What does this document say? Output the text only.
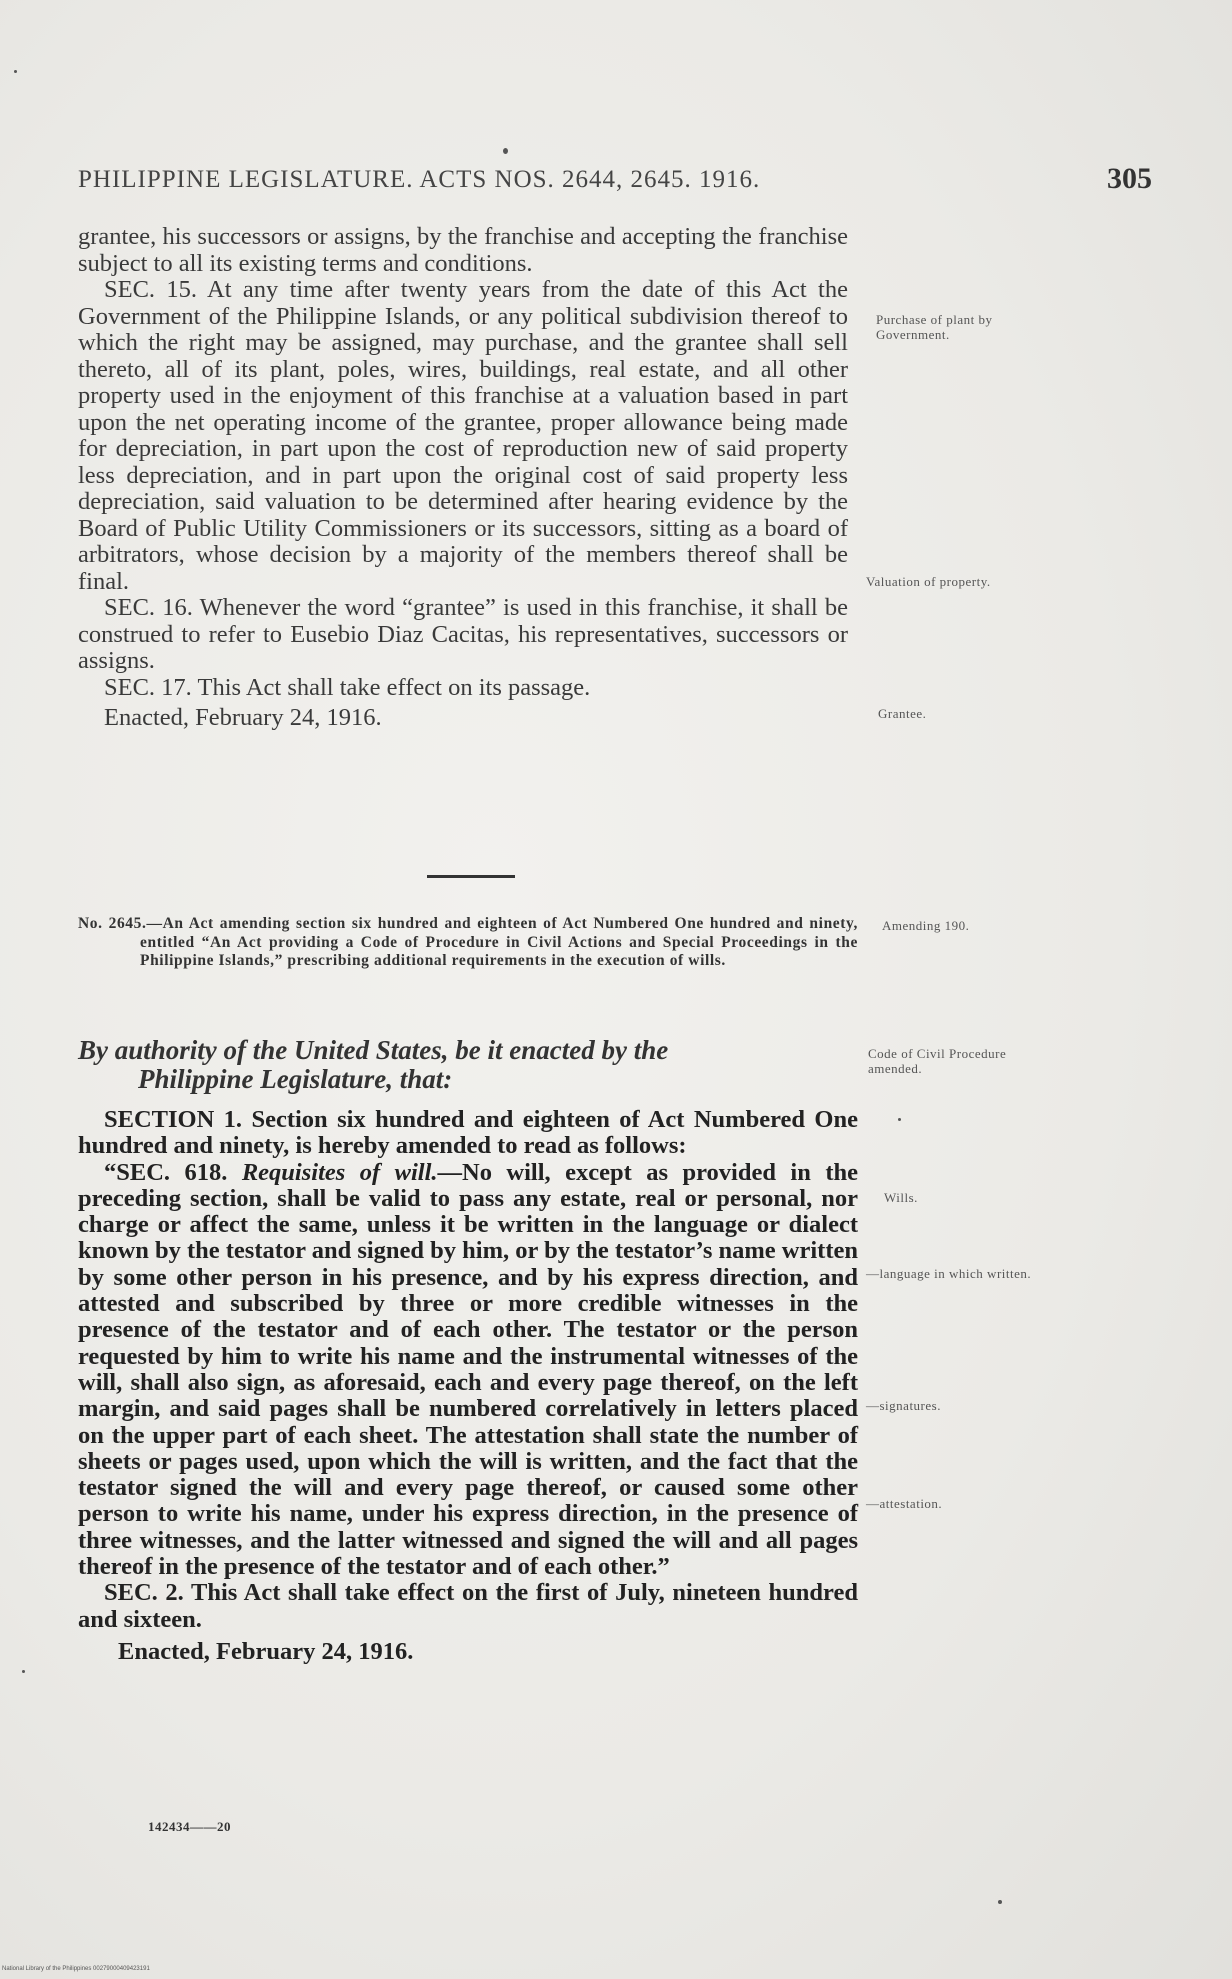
PHILIPPINE LEGISLATURE. ACTS NOS. 2644, 2645. 1916.	305

grantee, his successors or assigns, by the franchise and accepting the franchise subject to all its existing terms and conditions.

SEC. 15. At any time after twenty years from the date of this Act the Government of the Philippine Islands, or any political subdivision thereof to which the right may be assigned, may purchase, and the grantee shall sell thereto, all of its plant, poles, wires, buildings, real estate, and all other property used in the enjoyment of this franchise at a valuation based in part upon the net operating income of the grantee, proper allowance being made for depreciation, in part upon the cost of reproduction new of said property less depreciation, and in part upon the original cost of said property less depreciation, said valuation to be determined after hearing evidence by the Board of Public Utility Commissioners or its successors, sitting as a board of arbitrators, whose decision by a majority of the members thereof shall be final.

SEC. 16. Whenever the word “grantee” is used in this franchise, it shall be construed to refer to Eusebio Diaz Cacitas, his representatives, successors or assigns.

SEC. 17. This Act shall take effect on its passage.

Enacted, February 24, 1916.

Purchase of plant by Government.
Valuation of property.
Grantee.
No. 2645.—An Act amending section six hundred and eighteen of Act Numbered One hundred and ninety, entitled “An Act providing a Code of Procedure in Civil Actions and Special Proceedings in the Philippine Islands,” prescribing additional requirements in the execution of wills.
Amending 190.
By authority of the United States, be it enacted by the
Philippine Legislature, that:
Code of Civil Procedure amended.

SECTION 1. Section six hundred and eighteen of Act Numbered One hundred and ninety, is hereby amended to read as follows:

“SEC. 618. Requisites of will.—No will, except as provided in the preceding section, shall be valid to pass any estate, real or personal, nor charge or affect the same, unless it be written in the language or dialect known by the testator and signed by him, or by the testator’s name written by some other person in his presence, and by his express direction, and attested and subscribed by three or more credible witnesses in the presence of the testator and of each other. The testator or the person requested by him to write his name and the instrumental witnesses of the will, shall also sign, as aforesaid, each and every page thereof, on the left margin, and said pages shall be numbered correlatively in letters placed on the upper part of each sheet. The attestation shall state the number of sheets or pages used, upon which the will is written, and the fact that the testator signed the will and every page thereof, or caused some other person to write his name, under his express direction, in the presence of three witnesses, and the latter witnessed and signed the will and all pages thereof in the presence of the testator and of each other.”

SEC. 2. This Act shall take effect on the first of July, nineteen hundred and sixteen.

Enacted, February 24, 1916.

Wills.
—language in which written.
—signatures.
—attestation.
142434——20
National Library of the Philippines 00279000409423191
